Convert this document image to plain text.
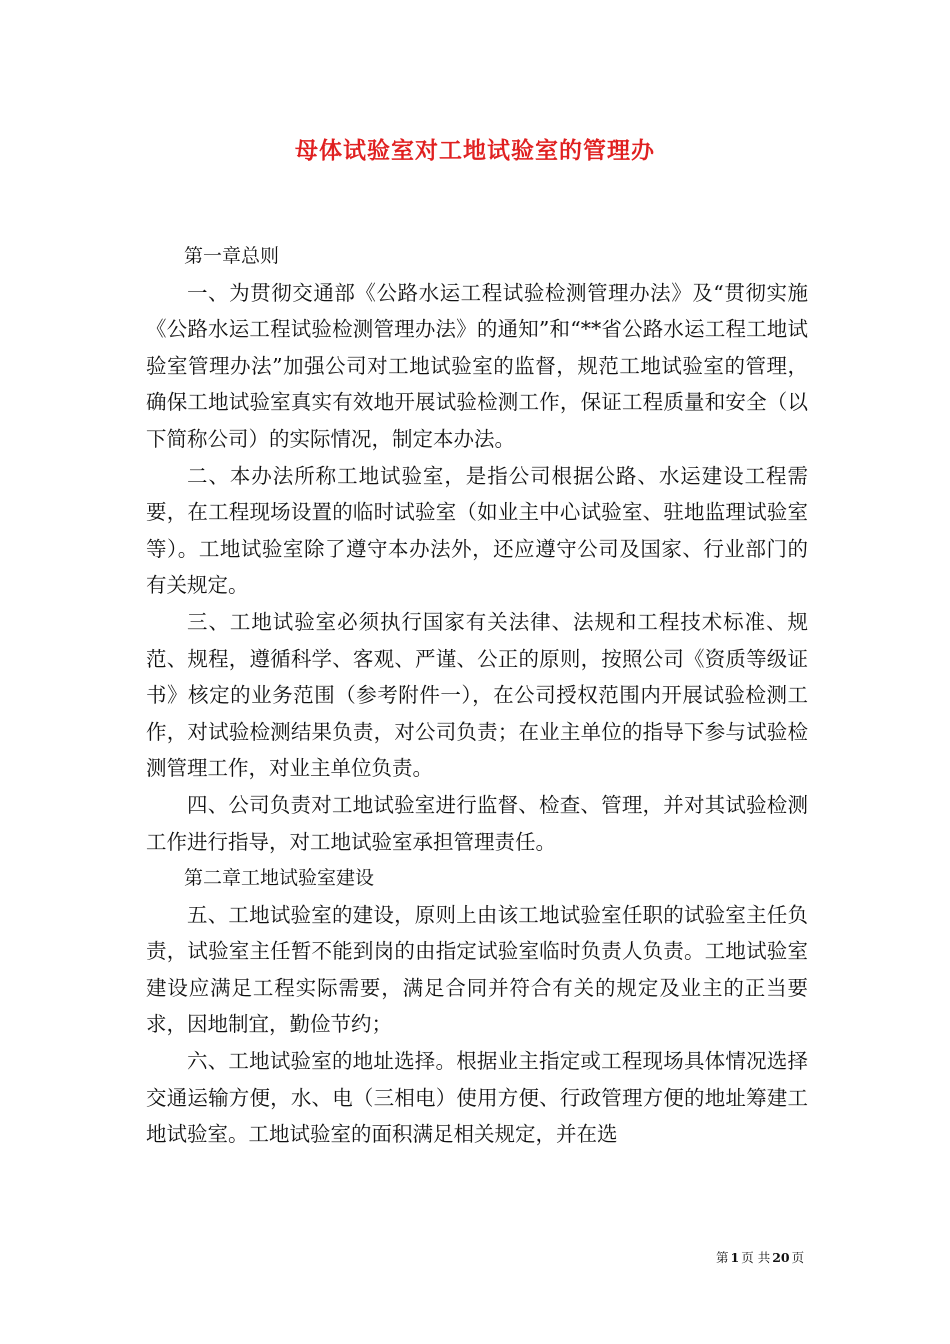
母体试验室对工地试验室的管理办

第一章总则

一、为贯彻交通部《公路水运工程试验检测管理办法》及“贯彻实施《公路水运工程试验检测管理办法》的通知”和“**省公路水运工程工地试验室管理办法”加强公司对工地试验室的监督，规范工地试验室的管理，确保工地试验室真实有效地开展试验检测工作，保证工程质量和安全（以下简称公司）的实际情况，制定本办法。

二、本办法所称工地试验室，是指公司根据公路、水运建设工程需要，在工程现场设置的临时试验室（如业主中心试验室、驻地监理试验室等）。工地试验室除了遵守本办法外，还应遵守公司及国家、行业部门的有关规定。

三、工地试验室必须执行国家有关法律、法规和工程技术标准、规范、规程，遵循科学、客观、严谨、公正的原则，按照公司《资质等级证书》核定的业务范围（参考附件一），在公司授权范围内开展试验检测工作，对试验检测结果负责，对公司负责；在业主单位的指导下参与试验检测管理工作，对业主单位负责。

四、公司负责对工地试验室进行监督、检查、管理，并对其试验检测工作进行指导，对工地试验室承担管理责任。

第二章工地试验室建设

五、工地试验室的建设，原则上由该工地试验室任职的试验室主任负责，试验室主任暂不能到岗的由指定试验室临时负责人负责。工地试验室建设应满足工程实际需要，满足合同并符合有关的规定及业主的正当要求，因地制宜，勤俭节约；

六、工地试验室的地址选择。根据业主指定或工程现场具体情况选择交通运输方便，水、电（三相电）使用方便、行政管理方便的地址筹建工地试验室。工地试验室的面积满足相关规定，并在选

第 1 页 共 20 页
